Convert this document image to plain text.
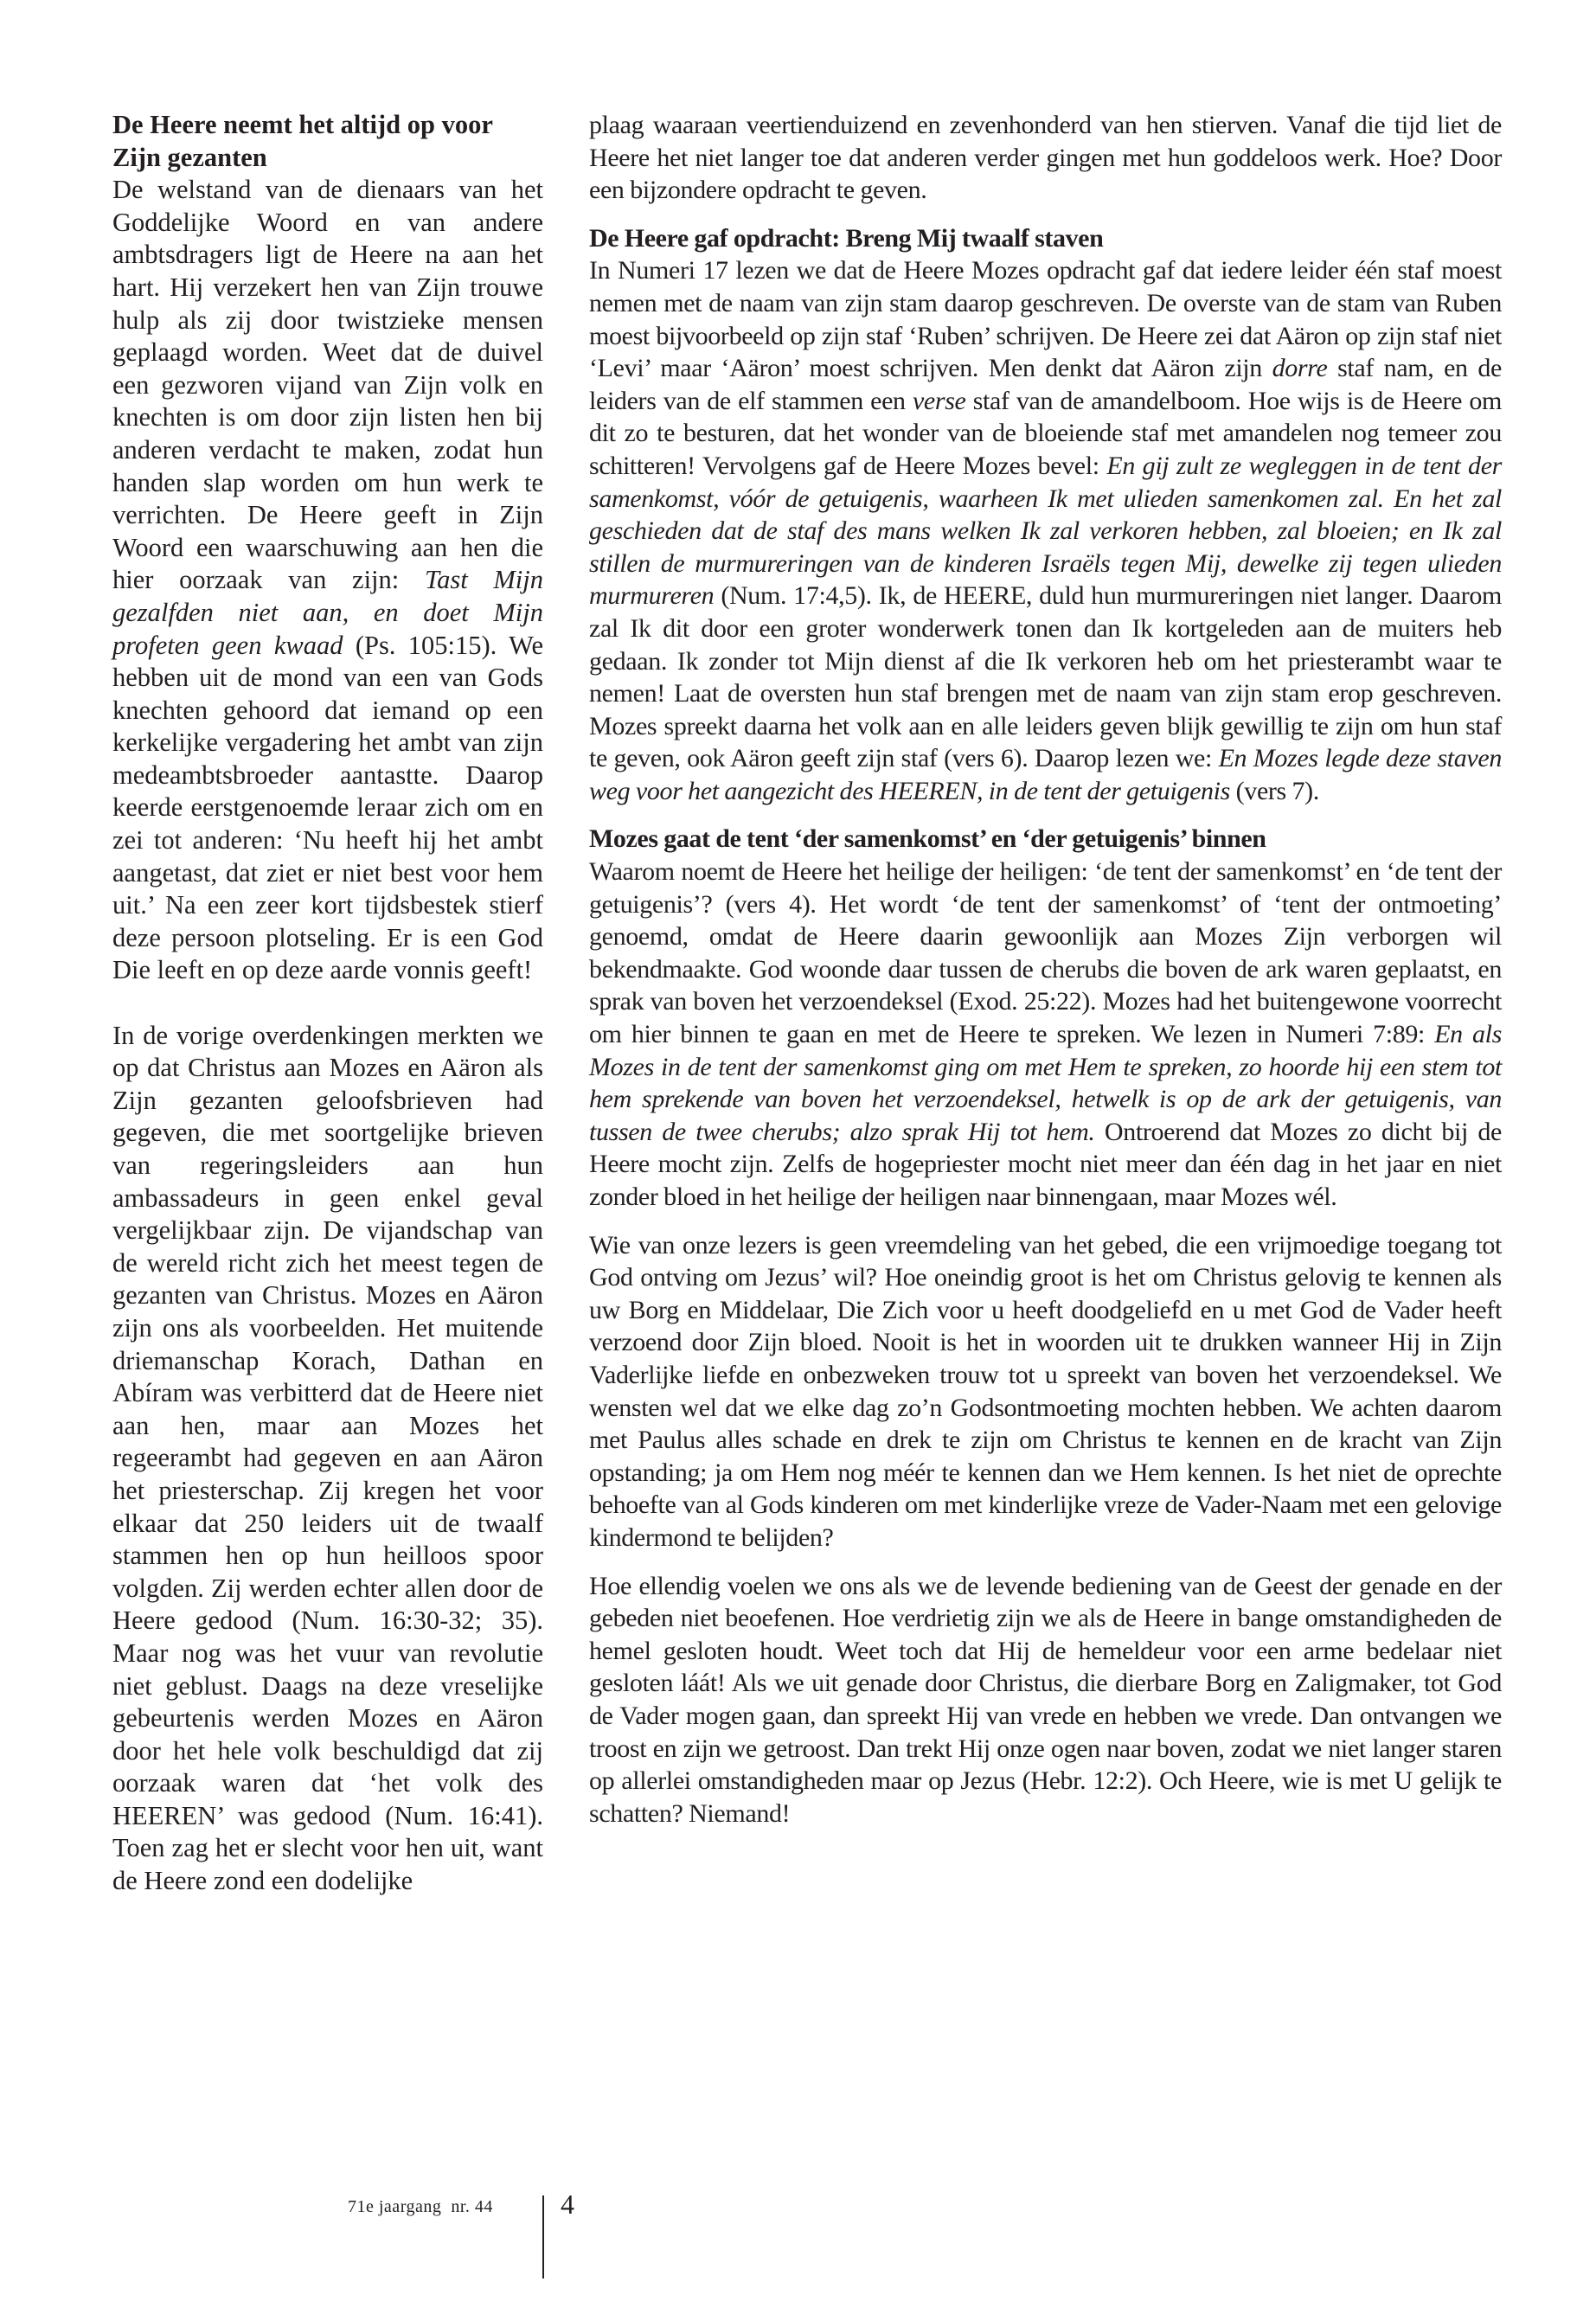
De Heere neemt het altijd op voor Zijn gezanten

De welstand van de dienaars van het Goddelijke Woord en van andere ambtsdragers ligt de Heere na aan het hart. Hij verzekert hen van Zijn trouwe hulp als zij door twistzieke mensen geplaagd worden. Weet dat de duivel een gezworen vijand van Zijn volk en knechten is om door zijn listen hen bij anderen verdacht te maken, zodat hun handen slap worden om hun werk te verrichten. De Heere geeft in Zijn Woord een waarschuwing aan hen die hier oorzaak van zijn: Tast Mijn gezalfden niet aan, en doet Mijn profeten geen kwaad (Ps. 105:15). We hebben uit de mond van een van Gods knechten gehoord dat iemand op een kerkelijke vergadering het ambt van zijn medeambtsbroeder aantastte. Daarop keerde eerstgenoemde leraar zich om en zei tot anderen: ‘Nu heeft hij het ambt aangetast, dat ziet er niet best voor hem uit.’ Na een zeer kort tijdsbestek stierf deze persoon plotseling. Er is een God Die leeft en op deze aarde vonnis geeft!

In de vorige overdenkingen merkten we op dat Christus aan Mozes en Aäron als Zijn gezanten geloofsbrieven had gegeven, die met soortgelijke brieven van regeringsleiders aan hun ambassadeurs in geen enkel geval vergelijkbaar zijn. De vijandschap van de wereld richt zich het meest tegen de gezanten van Christus. Mozes en Aäron zijn ons als voorbeelden. Het muitende driemanschap Korach, Dathan en Abíram was verbitterd dat de Heere niet aan hen, maar aan Mozes het regeerambt had gegeven en aan Aäron het priesterschap. Zij kregen het voor elkaar dat 250 leiders uit de twaalf stammen hen op hun heilloos spoor volgden. Zij werden echter allen door de Heere gedood (Num. 16:30-32; 35). Maar nog was het vuur van revolutie niet geblust. Daags na deze vreselijke gebeurtenis werden Mozes en Aäron door het hele volk beschuldigd dat zij oorzaak waren dat ‘het volk des HEEREN’ was gedood (Num. 16:41). Toen zag het er slecht voor hen uit, want de Heere zond een dodelijke

plaag waaraan veertienduizend en zevenhonderd van hen stierven. Vanaf die tijd liet de Heere het niet langer toe dat anderen verder gingen met hun goddeloos werk. Hoe? Door een bijzondere opdracht te geven.

De Heere gaf opdracht: Breng Mij twaalf staven

In Numeri 17 lezen we dat de Heere Mozes opdracht gaf dat iedere leider één staf moest nemen met de naam van zijn stam daarop geschreven. De overste van de stam van Ruben moest bijvoorbeeld op zijn staf ‘Ruben’ schrijven. De Heere zei dat Aäron op zijn staf niet ‘Levi’ maar ‘Aäron’ moest schrijven. Men denkt dat Aäron zijn dorre staf nam, en de leiders van de elf stammen een verse staf van de amandelboom. Hoe wijs is de Heere om dit zo te besturen, dat het wonder van de bloeiende staf met amandelen nog temeer zou schitteren! Vervolgens gaf de Heere Mozes bevel: En gij zult ze wegleggen in de tent der samenkomst, vóór de getuigenis, waarheen Ik met ulieden samenkomen zal. En het zal geschieden dat de staf des mans welken Ik zal verkoren hebben, zal bloeien; en Ik zal stillen de murmureringen van de kinderen Israëls tegen Mij, dewelke zij tegen ulieden murmureren (Num. 17:4,5). Ik, de HEERE, duld hun murmureringen niet langer. Daarom zal Ik dit door een groter wonderwerk tonen dan Ik kortgeleden aan de muiters heb gedaan. Ik zonder tot Mijn dienst af die Ik verkoren heb om het priesterambt waar te nemen! Laat de oversten hun staf brengen met de naam van zijn stam erop geschreven. Mozes spreekt daarna het volk aan en alle leiders geven blijk gewillig te zijn om hun staf te geven, ook Aäron geeft zijn staf (vers 6). Daarop lezen we: En Mozes legde deze staven weg voor het aangezicht des HEEREN, in de tent der getuigenis (vers 7).

Mozes gaat de tent ‘der samenkomst’ en ‘der getuigenis’ binnen

Waarom noemt de Heere het heilige der heiligen: ‘de tent der samenkomst’ en ‘de tent der getuigenis’? (vers 4). Het wordt ‘de tent der samenkomst’ of ‘tent der ontmoeting’ genoemd, omdat de Heere daarin gewoonlijk aan Mozes Zijn verborgen wil bekendmaakte. God woonde daar tussen de cherubs die boven de ark waren geplaatst, en sprak van boven het verzoendeksel (Exod. 25:22). Mozes had het buitengewone voorrecht om hier binnen te gaan en met de Heere te spreken. We lezen in Numeri 7:89: En als Mozes in de tent der samenkomst ging om met Hem te spreken, zo hoorde hij een stem tot hem sprekende van boven het verzoendeksel, hetwelk is op de ark der getuigenis, van tussen de twee cherubs; alzo sprak Hij tot hem. Ontroerend dat Mozes zo dicht bij de Heere mocht zijn. Zelfs de hogepriester mocht niet meer dan één dag in het jaar en niet zonder bloed in het heilige der heiligen naar binnengaan, maar Mozes wél.

Wie van onze lezers is geen vreemdeling van het gebed, die een vrijmoedige toegang tot God ontving om Jezus’ wil? Hoe oneindig groot is het om Christus gelovig te kennen als uw Borg en Middelaar, Die Zich voor u heeft doodgeliefd en u met God de Vader heeft verzoend door Zijn bloed. Nooit is het in woorden uit te drukken wanneer Hij in Zijn Vaderlijke liefde en onbezweken trouw tot u spreekt van boven het verzoendeksel. We wensten wel dat we elke dag zo’n Godsontmoeting mochten hebben. We achten daarom met Paulus alles schade en drek te zijn om Christus te kennen en de kracht van Zijn opstanding; ja om Hem nog méér te kennen dan we Hem kennen. Is het niet de oprechte behoefte van al Gods kinderen om met kinderlijke vreze de Vader-Naam met een gelovige kindermond te belijden?

Hoe ellendig voelen we ons als we de levende bediening van de Geest der genade en der gebeden niet beoefenen. Hoe verdrietig zijn we als de Heere in bange omstandigheden de hemel gesloten houdt. Weet toch dat Hij de hemeldeur voor een arme bedelaar niet gesloten láát! Als we uit genade door Christus, die dierbare Borg en Zaligmaker, tot God de Vader mogen gaan, dan spreekt Hij van vrede en hebben we vrede. Dan ontvangen we troost en zijn we getroost. Dan trekt Hij onze ogen naar boven, zodat we niet langer staren op allerlei omstandigheden maar op Jezus (Hebr. 12:2). Och Heere, wie is met U gelijk te schatten? Niemand!

71e jaargang  nr. 44 4
